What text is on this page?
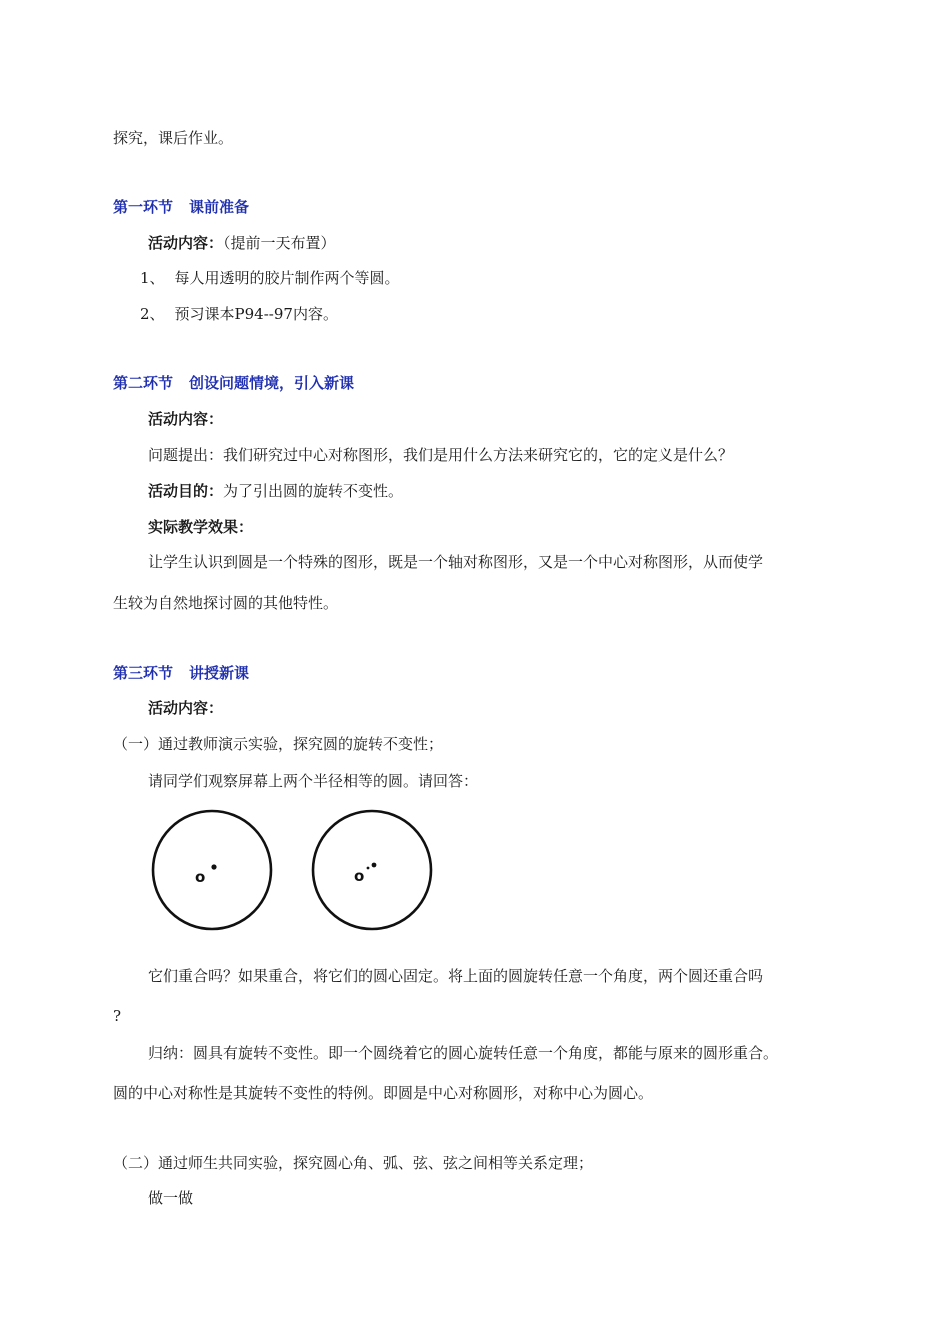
探究，课后作业。

第一环节 课前准备

活动内容：（提前一天布置）

1、 每人用透明的胶片制作两个等圆。

2、 预习课本P94--97内容。

第二环节 创设问题情境，引入新课

活动内容：

问题提出：我们研究过中心对称图形，我们是用什么方法来研究它的，它的定义是什么？

活动目的：为了引出圆的旋转不变性。

实际教学效果：

让学生认识到圆是一个特殊的图形，既是一个轴对称图形，又是一个中心对称图形，从而使学

生较为自然地探讨圆的其他特性。

第三环节 讲授新课

活动内容：

（一）通过教师演示实验，探究圆的旋转不变性；

请同学们观察屏幕上两个半径相等的圆。请回答：

o	o

它们重合吗？如果重合，将它们的圆心固定。将上面的圆旋转任意一个角度，两个圆还重合吗

?

归纳：圆具有旋转不变性。即一个圆绕着它的圆心旋转任意一个角度，都能与原来的圆形重合。

圆的中心对称性是其旋转不变性的特例。即圆是中心对称圆形，对称中心为圆心。

（二）通过师生共同实验，探究圆心角、弧、弦、弦之间相等关系定理；

做一做
